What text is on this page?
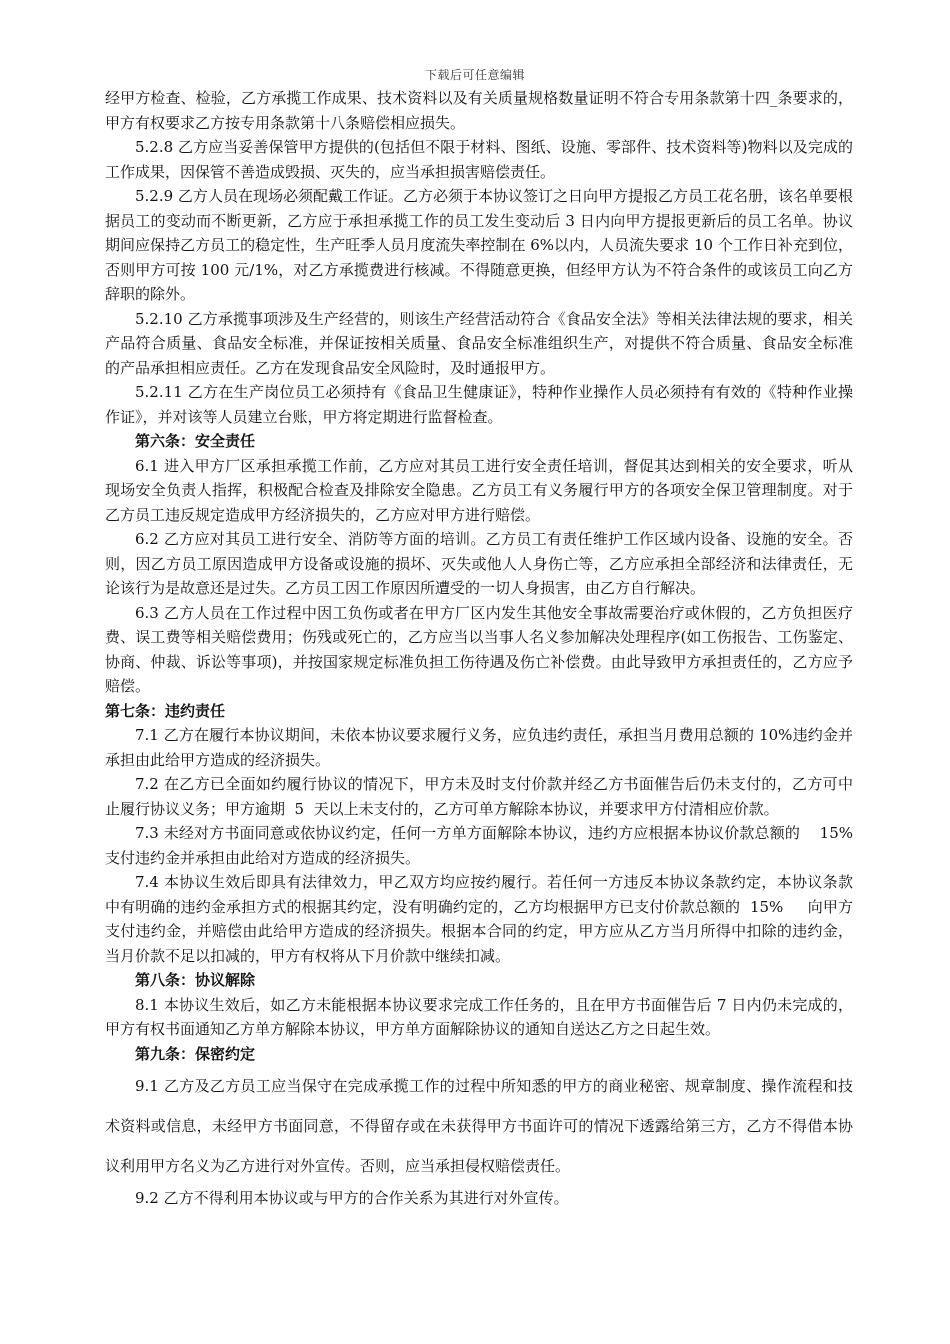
下载后可任意编辑

经甲方检查、检验，乙方承揽工作成果、技术资料以及有关质量规格数量证明不符合专用条款第十四_条要求的，甲方有权要求乙方按专用条款第十八条赔偿相应损失。

5.2.8 乙方应当妥善保管甲方提供的(包括但不限于材料、图纸、设施、零部件、技术资料等)物料以及完成的工作成果，因保管不善造成毁损、灭失的，应当承担损害赔偿责任。

5.2.9 乙方人员在现场必须配戴工作证。乙方必须于本协议签订之日向甲方提报乙方员工花名册，该名单要根据员工的变动而不断更新，乙方应于承担承揽工作的员工发生变动后 3 日内向甲方提报更新后的员工名单。协议期间应保持乙方员工的稳定性，生产旺季人员月度流失率控制在 6%以内，人员流失要求 10 个工作日补充到位，否则甲方可按 100 元/1%，对乙方承揽费进行核减。不得随意更换，但经甲方认为不符合条件的或该员工向乙方辞职的除外。

5.2.10 乙方承揽事项涉及生产经营的，则该生产经营活动符合《食品安全法》等相关法律法规的要求，相关产品符合质量、食品安全标准，并保证按相关质量、食品安全标准组织生产，对提供不符合质量、食品安全标准的产品承担相应责任。乙方在发现食品安全风险时，及时通报甲方。

5.2.11 乙方在生产岗位员工必须持有《食品卫生健康证》，特种作业操作人员必须持有有效的《特种作业操作证》，并对该等人员建立台账，甲方将定期进行监督检查。

第六条：安全责任

6.1 进入甲方厂区承担承揽工作前，乙方应对其员工进行安全责任培训，督促其达到相关的安全要求，听从现场安全负责人指挥，积极配合检查及排除安全隐患。乙方员工有义务履行甲方的各项安全保卫管理制度。对于乙方员工违反规定造成甲方经济损失的，乙方应对甲方进行赔偿。

6.2 乙方应对其员工进行安全、消防等方面的培训。乙方员工有责任维护工作区域内设备、设施的安全。否则，因乙方员工原因造成甲方设备或设施的损坏、灭失或他人人身伤亡等，乙方应承担全部经济和法律责任，无论该行为是故意还是过失。乙方员工因工作原因所遭受的一切人身损害，由乙方自行解决。

6.3 乙方人员在工作过程中因工负伤或者在甲方厂区内发生其他安全事故需要治疗或休假的，乙方负担医疗费、误工费等相关赔偿费用；伤残或死亡的，乙方应当以当事人名义参加解决处理程序(如工伤报告、工伤鉴定、协商、仲裁、诉讼等事项)，并按国家规定标准负担工伤待遇及伤亡补偿费。由此导致甲方承担责任的，乙方应予赔偿。

第七条：违约责任

7.1 乙方在履行本协议期间，未依本协议要求履行义务，应负违约责任，承担当月费用总额的 10%违约金并承担由此给甲方造成的经济损失。

7.2 在乙方已全面如约履行协议的情况下，甲方未及时支付价款并经乙方书面催告后仍未支付的，乙方可中止履行协议义务；甲方逾期  5  天以上未支付的，乙方可单方解除本协议，并要求甲方付清相应价款。

7.3 未经对方书面同意或依协议约定，任何一方单方面解除本协议，违约方应根据本协议价款总额的    15%    支付违约金并承担由此给对方造成的经济损失。

7.4 本协议生效后即具有法律效力，甲乙双方均应按约履行。若任何一方违反本协议条款约定，本协议条款中有明确的违约金承担方式的根据其约定，没有明确约定的，乙方均根据甲方已支付价款总额的  15%     向甲方支付违约金，并赔偿由此给甲方造成的经济损失。根据本合同的约定，甲方应从乙方当月所得中扣除的违约金，当月价款不足以扣减的，甲方有权将从下月价款中继续扣减。

第八条：协议解除

8.1 本协议生效后，如乙方未能根据本协议要求完成工作任务的，且在甲方书面催告后 7 日内仍未完成的，甲方有权书面通知乙方单方解除本协议，甲方单方面解除协议的通知自送达乙方之日起生效。

第九条：保密约定

9.1 乙方及乙方员工应当保守在完成承揽工作的过程中所知悉的甲方的商业秘密、规章制度、操作流程和技术资料或信息，未经甲方书面同意，不得留存或在未获得甲方书面许可的情况下透露给第三方，乙方不得借本协议利用甲方名义为乙方进行对外宣传。否则，应当承担侵权赔偿责任。

9.2 乙方不得利用本协议或与甲方的合作关系为其进行对外宣传。
